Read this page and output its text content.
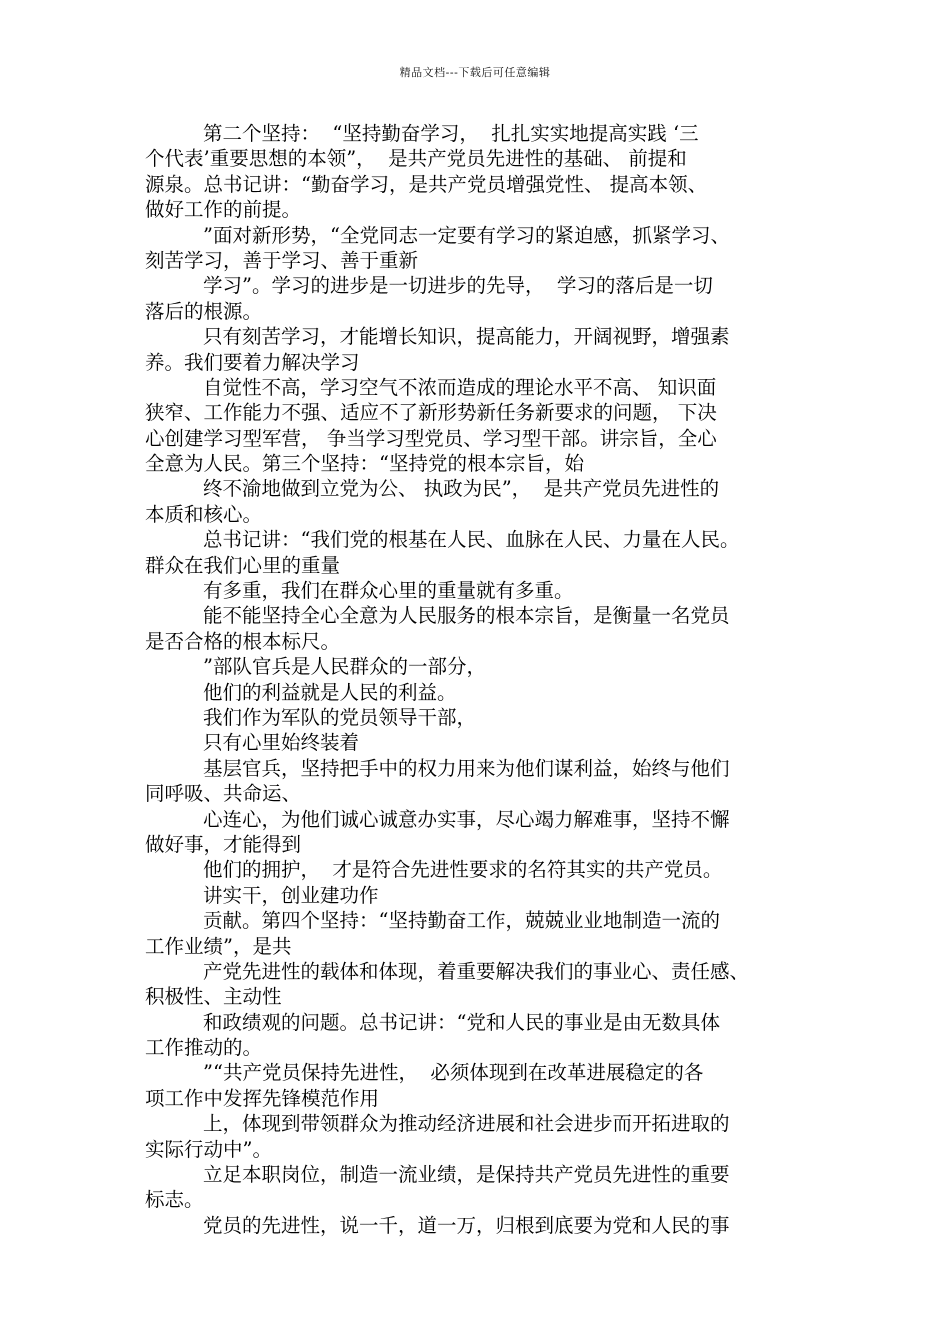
精品文档---下载后可任意编辑
第二个坚持：  “坚持勤奋学习，  扎扎实实地提高实践 ‘三
个代表’重要思想的本领”，  是共产党员先进性的基础、 前提和
源泉。总书记讲：“勤奋学习，是共产党员增强党性、 提高本领、
做好工作的前提。
”面对新形势，“全党同志一定要有学习的紧迫感，抓紧学习、
刻苦学习，善于学习、善于重新
学习”。学习的进步是一切进步的先导，  学习的落后是一切
落后的根源。
只有刻苦学习，才能增长知识，提高能力，开阔视野，增强素
养。我们要着力解决学习
自觉性不高，学习空气不浓而造成的理论水平不高、 知识面
狭窄、工作能力不强、适应不了新形势新任务新要求的问题， 下决
心创建学习型军营， 争当学习型党员、学习型干部。讲宗旨，全心
全意为人民。第三个坚持：“坚持党的根本宗旨，始
终不渝地做到立党为公、 执政为民”，  是共产党员先进性的
本质和核心。
总书记讲：“我们党的根基在人民、血脉在人民、力量在人民。
群众在我们心里的重量
有多重，我们在群众心里的重量就有多重。
能不能坚持全心全意为人民服务的根本宗旨，是衡量一名党员
是否合格的根本标尺。
”部队官兵是人民群众的一部分，
他们的利益就是人民的利益。
我们作为军队的党员领导干部，
只有心里始终装着
基层官兵，坚持把手中的权力用来为他们谋利益，始终与他们
同呼吸、共命运、
心连心，为他们诚心诚意办实事，尽心竭力解难事，坚持不懈
做好事，才能得到
他们的拥护，  才是符合先进性要求的名符其实的共产党员。
讲实干，创业建功作
贡献。第四个坚持：“坚持勤奋工作，兢兢业业地制造一流的
工作业绩”，是共
产党先进性的载体和体现，着重要解决我们的事业心、责任感、
积极性、主动性
和政绩观的问题。总书记讲：“党和人民的事业是由无数具体
工作推动的。
”“共产党员保持先进性，  必须体现到在改革进展稳定的各
项工作中发挥先锋模范作用
上，体现到带领群众为推动经济进展和社会进步而开拓进取的
实际行动中”。
立足本职岗位，制造一流业绩，是保持共产党员先进性的重要
标志。
党员的先进性，说一千，道一万，归根到底要为党和人民的事
